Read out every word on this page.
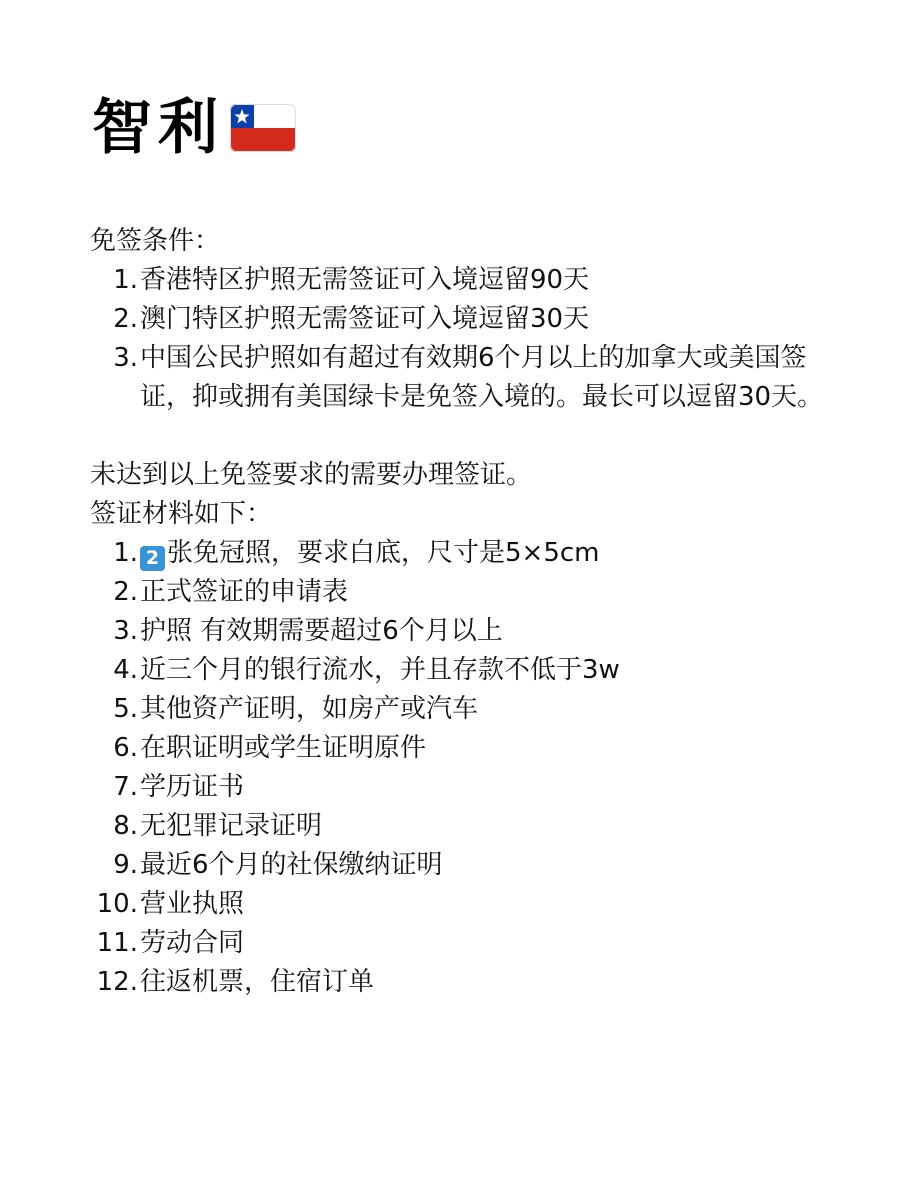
智利
免签条件：
1. 香港特区护照无需签证可入境逗留90天
2. 澳门特区护照无需签证可入境逗留30天
3. 中国公民护照如有超过有效期6个月以上的加拿大或美国签证，抑或拥有美国绿卡是免签入境的。最长可以逗留30天。
未达到以上免签要求的需要办理签证。
签证材料如下：
1. 2 张免冠照，要求白底，尺寸是5×5cm
2. 正式签证的申请表
3. 护照 有效期需要超过6个月以上
4. 近三个月的银行流水，并且存款不低于3w
5. 其他资产证明，如房产或汽车
6. 在职证明或学生证明原件
7. 学历证书
8. 无犯罪记录证明
9. 最近6个月的社保缴纳证明
10. 营业执照
11. 劳动合同
12. 往返机票，住宿订单
